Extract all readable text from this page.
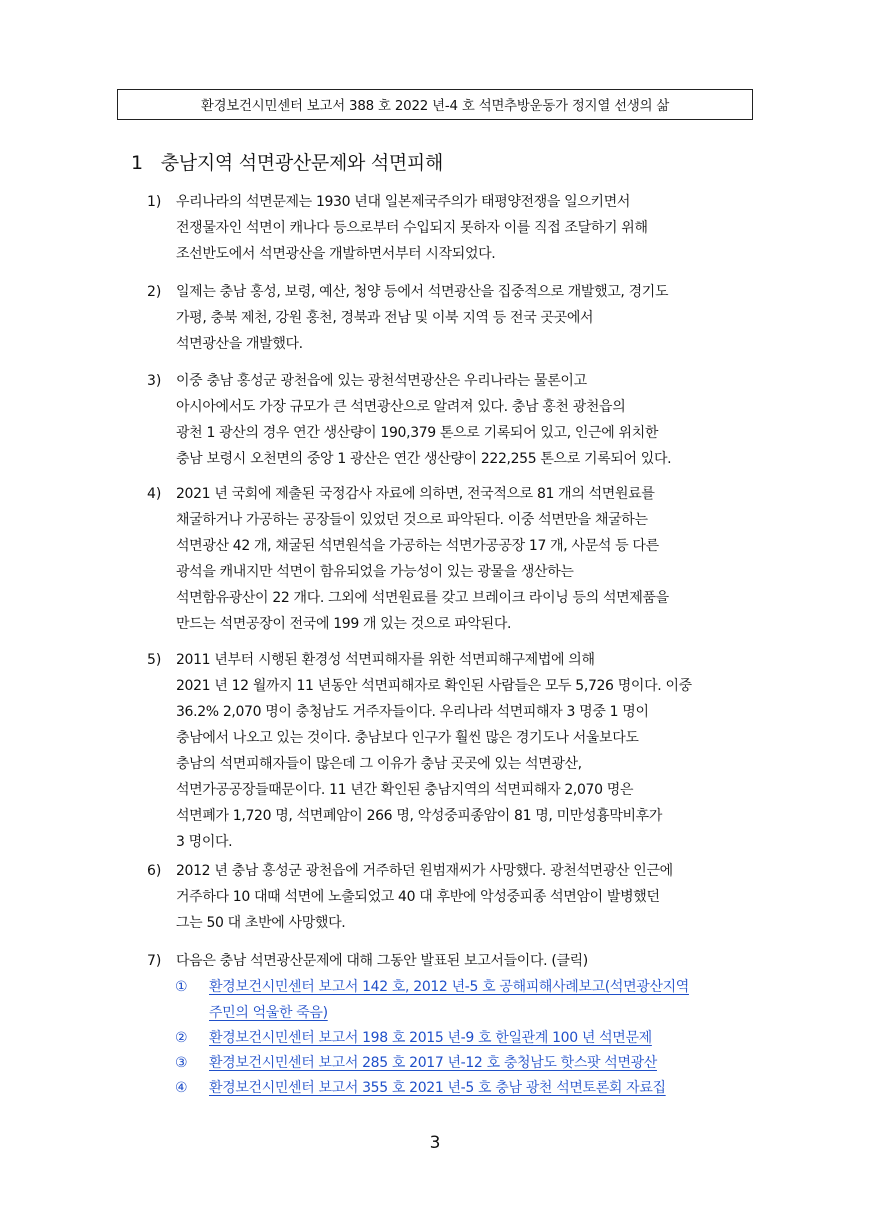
환경보건시민센터 보고서 388 호 2022 년-4 호 석면추방운동가 정지열 선생의 삶
1 충남지역 석면광산문제와 석면피해
1) 우리나라의 석면문제는 1930 년대 일본제국주의가 태평양전쟁을 일으키면서
전쟁물자인 석면이 캐나다 등으로부터 수입되지 못하자 이를 직접 조달하기 위해
조선반도에서 석면광산을 개발하면서부터 시작되었다.
2) 일제는 충남 홍성, 보령, 예산, 청양 등에서 석면광산을 집중적으로 개발했고, 경기도
가평, 충북 제천, 강원 홍천, 경북과 전남 및 이북 지역 등 전국 곳곳에서
석면광산을 개발했다.
3) 이중 충남 홍성군 광천읍에 있는 광천석면광산은 우리나라는 물론이고
아시아에서도 가장 규모가 큰 석면광산으로 알려져 있다. 충남 홍천 광천읍의
광천 1 광산의 경우 연간 생산량이 190,379 톤으로 기록되어 있고, 인근에 위치한
충남 보령시 오천면의 중앙 1 광산은 연간 생산량이 222,255 톤으로 기록되어 있다.
4) 2021 년 국회에 제출된 국정감사 자료에 의하면, 전국적으로 81 개의 석면원료를
채굴하거나 가공하는 공장들이 있었던 것으로 파악된다. 이중 석면만을 채굴하는
석면광산 42 개, 채굴된 석면원석을 가공하는 석면가공공장 17 개, 사문석 등 다른
광석을 캐내지만 석면이 함유되었을 가능성이 있는 광물을 생산하는
석면함유광산이 22 개다. 그외에 석면원료를 갖고 브레이크 라이닝 등의 석면제품을
만드는 석면공장이 전국에 199 개 있는 것으로 파악된다.
5) 2011 년부터 시행된 환경성 석면피해자를 위한 석면피해구제법에 의해
2021 년 12 월까지 11 년동안 석면피해자로 확인된 사람들은 모두 5,726 명이다. 이중
36.2% 2,070 명이 충청남도 거주자들이다. 우리나라 석면피해자 3 명중 1 명이
충남에서 나오고 있는 것이다. 충남보다 인구가 훨씬 많은 경기도나 서울보다도
충남의 석면피해자들이 많은데 그 이유가 충남 곳곳에 있는 석면광산,
석면가공공장들때문이다. 11 년간 확인된 충남지역의 석면피해자 2,070 명은
석면폐가 1,720 명, 석면폐암이 266 명, 악성중피종암이 81 명, 미만성흉막비후가
3 명이다.
6) 2012 년 충남 홍성군 광천읍에 거주하던 원범재씨가 사망했다. 광천석면광산 인근에
거주하다 10 대때 석면에 노출되었고 40 대 후반에 악성중피종 석면암이 발병했던
그는 50 대 초반에 사망했다.
7) 다음은 충남 석면광산문제에 대해 그동안 발표된 보고서들이다. (클릭)
① 환경보건시민센터 보고서 142 호, 2012 년-5 호 공해피해사례보고(석면광산지역
주민의 억울한 죽음)
② 환경보건시민센터 보고서 198 호 2015 년-9 호 한일관계 100 년 석면문제
③ 환경보건시민센터 보고서 285 호 2017 년-12 호 충청남도 핫스팟 석면광산
④ 환경보건시민센터 보고서 355 호 2021 년-5 호 충남 광천 석면토론회 자료집
3
